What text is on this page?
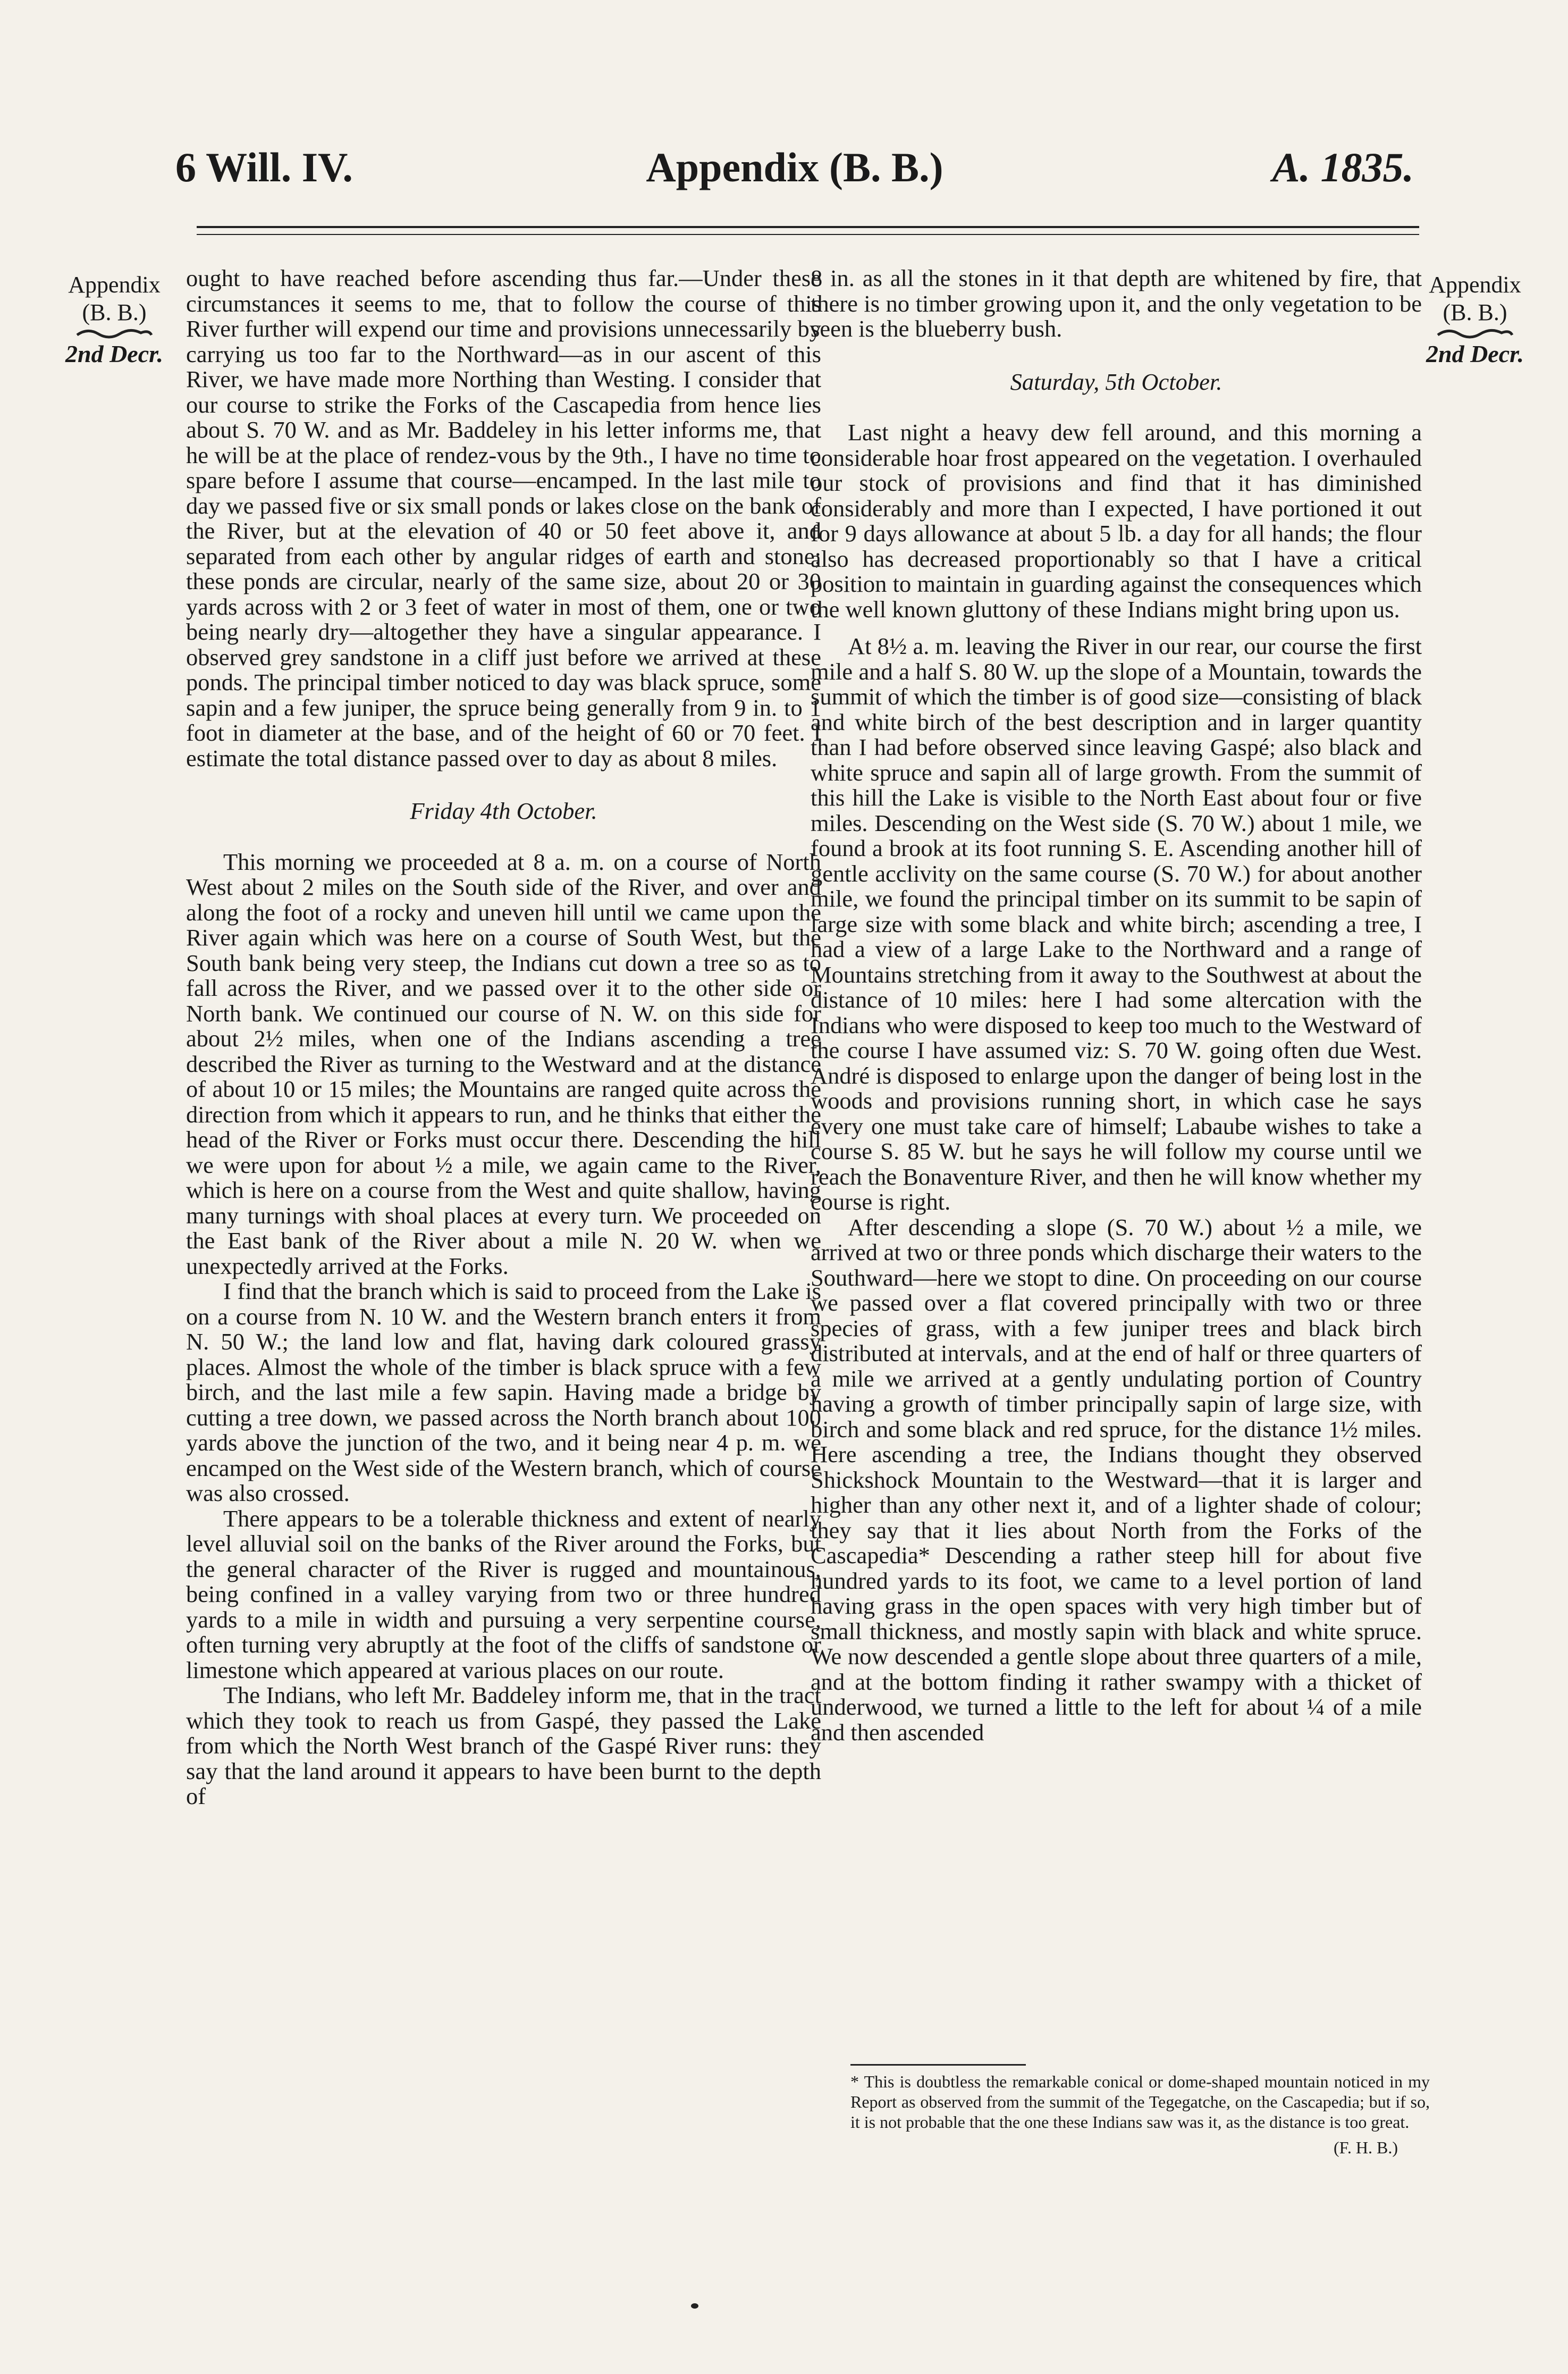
6 Will. IV.	Appendix (B. B.)	A. 1835.
Appendix
(B. B.)
2nd Decr.
Appendix
(B. B.)
2nd Decr.

ought to have reached before ascending thus far.—Under these circumstances it seems to me, that to follow the course of this River further will expend our time and provisions unnecessarily by carrying us too far to the Northward—as in our ascent of this River, we have made more Northing than Westing. I consider that our course to strike the Forks of the Cascapedia from hence lies about S. 70 W. and as Mr. Baddeley in his letter informs me, that he will be at the place of rendez-vous by the 9th., I have no time to spare before I assume that course—encamped. In the last mile to day we passed five or six small ponds or lakes close on the bank of the River, but at the elevation of 40 or 50 feet above it, and separated from each other by angular ridges of earth and stone; these ponds are circular, nearly of the same size, about 20 or 30 yards across with 2 or 3 feet of water in most of them, one or two being nearly dry—altogether they have a singular appearance. I observed grey sandstone in a cliff just before we arrived at these ponds. The principal timber noticed to day was black spruce, some sapin and a few juniper, the spruce being generally from 9 in. to 1 foot in diameter at the base, and of the height of 60 or 70 feet. I estimate the total distance passed over to day as about 8 miles.

Friday 4th October.

This morning we proceeded at 8 a. m. on a course of North West about 2 miles on the South side of the River, and over and along the foot of a rocky and uneven hill until we came upon the River again which was here on a course of South West, but the South bank being very steep, the Indians cut down a tree so as to fall across the River, and we passed over it to the other side or North bank. We continued our course of N. W. on this side for about 2½ miles, when one of the Indians ascending a tree described the River as turning to the Westward and at the distance of about 10 or 15 miles; the Mountains are ranged quite across the direction from which it appears to run, and he thinks that either the head of the River or Forks must occur there. Descending the hill we were upon for about ½ a mile, we again came to the River, which is here on a course from the West and quite shallow, having many turnings with shoal places at every turn. We proceeded on the East bank of the River about a mile N. 20 W. when we unexpectedly arrived at the Forks.

I find that the branch which is said to proceed from the Lake is on a course from N. 10 W. and the Western branch enters it from N. 50 W.; the land low and flat, having dark coloured grassy places. Almost the whole of the timber is black spruce with a few birch, and the last mile a few sapin. Having made a bridge by cutting a tree down, we passed across the North branch about 100 yards above the junction of the two, and it being near 4 p. m. we encamped on the West side of the Western branch, which of course was also crossed.

There appears to be a tolerable thickness and extent of nearly level alluvial soil on the banks of the River around the Forks, but the general character of the River is rugged and mountainous, being confined in a valley varying from two or three hundred yards to a mile in width and pursuing a very serpentine course, often turning very abruptly at the foot of the cliffs of sandstone or limestone which appeared at various places on our route.

The Indians, who left Mr. Baddeley inform me, that in the tract which they took to reach us from Gaspé, they passed the Lake from which the North West branch of the Gaspé River runs: they say that the land around it appears to have been burnt to the depth of

8 in. as all the stones in it that depth are whitened by fire, that there is no timber growing upon it, and the only vegetation to be seen is the blueberry bush.

Saturday, 5th October.

Last night a heavy dew fell around, and this morning a considerable hoar frost appeared on the vegetation. I overhauled our stock of provisions and find that it has diminished considerably and more than I expected, I have portioned it out for 9 days allowance at about 5 lb. a day for all hands; the flour also has decreased proportionably so that I have a critical position to maintain in guarding against the consequences which the well known gluttony of these Indians might bring upon us.

At 8½ a. m. leaving the River in our rear, our course the first mile and a half S. 80 W. up the slope of a Mountain, towards the summit of which the timber is of good size—consisting of black and white birch of the best description and in larger quantity than I had before observed since leaving Gaspé; also black and white spruce and sapin all of large growth. From the summit of this hill the Lake is visible to the North East about four or five miles. Descending on the West side (S. 70 W.) about 1 mile, we found a brook at its foot running S. E. Ascending another hill of gentle acclivity on the same course (S. 70 W.) for about another mile, we found the principal timber on its summit to be sapin of large size with some black and white birch; ascending a tree, I had a view of a large Lake to the Northward and a range of Mountains stretching from it away to the Southwest at about the distance of 10 miles: here I had some altercation with the Indians who were disposed to keep too much to the Westward of the course I have assumed viz: S. 70 W. going often due West. André is disposed to enlarge upon the danger of being lost in the woods and provisions running short, in which case he says every one must take care of himself; Labaube wishes to take a course S. 85 W. but he says he will follow my course until we reach the Bonaventure River, and then he will know whether my course is right.

After descending a slope (S. 70 W.) about ½ a mile, we arrived at two or three ponds which discharge their waters to the Southward—here we stopt to dine. On proceeding on our course we passed over a flat covered principally with two or three species of grass, with a few juniper trees and black birch distributed at intervals, and at the end of half or three quarters of a mile we arrived at a gently undulating portion of Country having a growth of timber principally sapin of large size, with birch and some black and red spruce, for the distance 1½ miles. Here ascending a tree, the Indians thought they observed Shickshock Mountain to the Westward—that it is larger and higher than any other next it, and of a lighter shade of colour; they say that it lies about North from the Forks of the Cascapedia* Descending a rather steep hill for about five hundred yards to its foot, we came to a level portion of land having grass in the open spaces with very high timber but of small thickness, and mostly sapin with black and white spruce. We now descended a gentle slope about three quarters of a mile, and at the bottom finding it rather swampy with a thicket of underwood, we turned a little to the left for about ¼ of a mile and then ascended

* This is doubtless the remarkable conical or dome-shaped mountain noticed in my Report as observed from the summit of the Tegegatche, on the Cascapedia; but if so, it is not probable that the one these Indians saw was it, as the distance is too great.
(F. H. B.)
